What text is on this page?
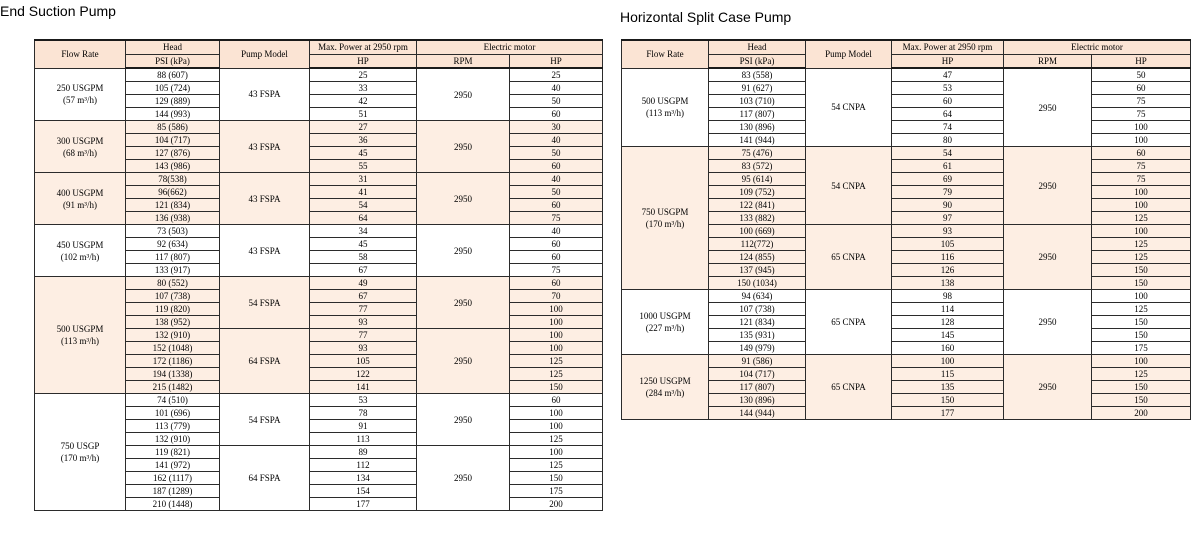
End Suction Pump	Horizontal Split Case Pump
Flow Rate	Head	Pump Model	Max. Power at 2950 rpm	Electric motor	
	PSI (kPa)		HP	RPM	HP
250 USGPM
(57 m³/h)	88 (607)	43 FSPA	25	2950	25
	105 (724)		33		40
	129 (889)		42		50
	144 (993)		51		60
300 USGPM
(68 m³/h)	85 (586)	43 FSPA	27	2950	30
	104 (717)		36		40
	127 (876)		45		50
	143 (986)		55		60
400 USGPM
(91 m³/h)	78(538)	43 FSPA	31	2950	40
	96(662)		41		50
	121 (834)		54		60
	136 (938)		64		75
450 USGPM
(102 m³/h)	73 (503)	43 FSPA	34	2950	40
	92 (634)		45		60
	117 (807)		58		60
	133 (917)		67		75
500 USGPM
(113 m³/h)	80 (552)	54 FSPA	49	2950	60
	107 (738)		67		70
	119 (820)		77		100
	138 (952)		93		100
	132 (910)	64 FSPA	77	2950	100
	152 (1048)		93		100
	172 (1186)		105		125
	194 (1338)		122		125
	215 (1482)		141		150
750 USGP
(170 m³/h)	74 (510)	54 FSPA	53	2950	60
	101 (696)		78		100
	113 (779)		91		100
	132 (910)		113		125
	119 (821)	64 FSPA	89	2950	100
	141 (972)		112		125
	162 (1117)		134		150
	187 (1289)		154		175
	210 (1448)		177		200
Flow Rate	Head	Pump Model	Max. Power at 2950 rpm	Electric motor	
	PSI (kPa)		HP	RPM	HP
500 USGPM
(113 m³/h)	83 (558)	54 CNPA	47	2950	50
	91 (627)		53		60
	103 (710)		60		75
	117 (807)		64		75
	130 (896)		74		100
	141 (944)		80		100
750 USGPM
(170 m³/h)	75 (476)	54 CNPA	54	2950	60
	83 (572)		61		75
	95 (614)		69		75
	109 (752)		79		100
	122 (841)		90		100
	133 (882)		97		125
	100 (669)	65 CNPA	93	2950	100
	112(772)		105		125
	124 (855)		116		125
	137 (945)		126		150
	150 (1034)		138		150
1000 USGPM
(227 m³/h)	94 (634)	65 CNPA	98	2950	100
	107 (738)		114		125
	121 (834)		128		150
	135 (931)		145		150
	149 (979)		160		175
1250 USGPM
(284 m³/h)	91 (586)	65 CNPA	100	2950	100
	104 (717)		115		125
	117 (807)		135		150
	130 (896)		150		150
	144 (944)		177		200
